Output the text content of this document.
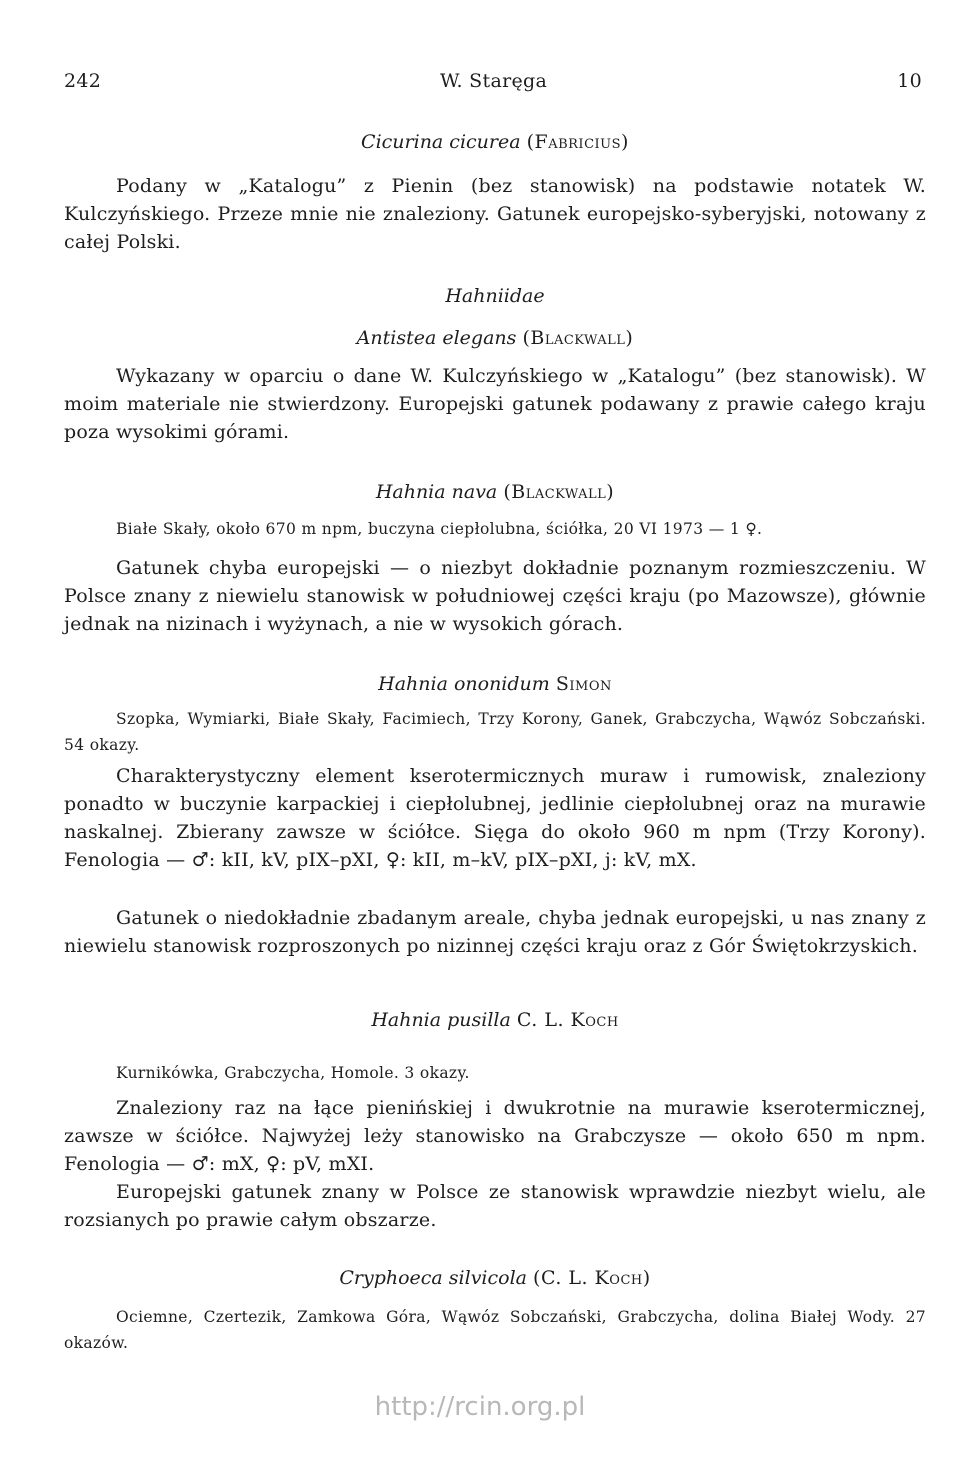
242	W. Staręga	10
Cicurina cicurea (Fabricius)
Podany w „Katalogu” z Pienin (bez stanowisk) na podstawie notatek W. Kulczyńskiego. Przeze mnie nie znaleziony. Gatunek europejsko-syberyjski, notowany z całej Polski.
Hahniidae
Antistea elegans (Blackwall)
Wykazany w oparciu o dane W. Kulczyńskiego w „Katalogu” (bez stanowisk). W moim materiale nie stwierdzony. Europejski gatunek podawany z prawie całego kraju poza wysokimi górami.
Hahnia nava (Blackwall)
Białe Skały, około 670 m npm, buczyna ciepłolubna, ściółka, 20 VI 1973 — 1 ♀.
Gatunek chyba europejski — o niezbyt dokładnie poznanym rozmieszczeniu. W Polsce znany z niewielu stanowisk w południowej części kraju (po Mazowsze), głównie jednak na nizinach i wyżynach, a nie w wysokich górach.
Hahnia ononidum Simon
Szopka, Wymiarki, Białe Skały, Facimiech, Trzy Korony, Ganek, Grabczycha, Wąwóz Sobczański. 54 okazy.
Charakterystyczny element kserotermicznych muraw i rumowisk, znaleziony ponadto w buczynie karpackiej i ciepłolubnej, jedlinie ciepłolubnej oraz na murawie naskalnej. Zbierany zawsze w ściółce. Sięga do około 960 m npm (Trzy Korony). Fenologia — ♂: kII, kV, pIX–pXI, ♀: kII, m–kV, pIX–pXI, j: kV, mX.
Gatunek o niedokładnie zbadanym areale, chyba jednak europejski, u nas znany z niewielu stanowisk rozproszonych po nizinnej części kraju oraz z Gór Świętokrzyskich.
Hahnia pusilla C. L. Koch
Kurnikówka, Grabczycha, Homole. 3 okazy.
Znaleziony raz na łące pienińskiej i dwukrotnie na murawie kserotermicznej, zawsze w ściółce. Najwyżej leży stanowisko na Grabczysze — około 650 m npm. Fenologia — ♂: mX, ♀: pV, mXI.
Europejski gatunek znany w Polsce ze stanowisk wprawdzie niezbyt wielu, ale rozsianych po prawie całym obszarze.
Cryphoeca silvicola (C. L. Koch)
Ociemne, Czertezik, Zamkowa Góra, Wąwóz Sobczański, Grabczycha, dolina Białej Wody. 27 okazów.
http://rcin.org.pl
